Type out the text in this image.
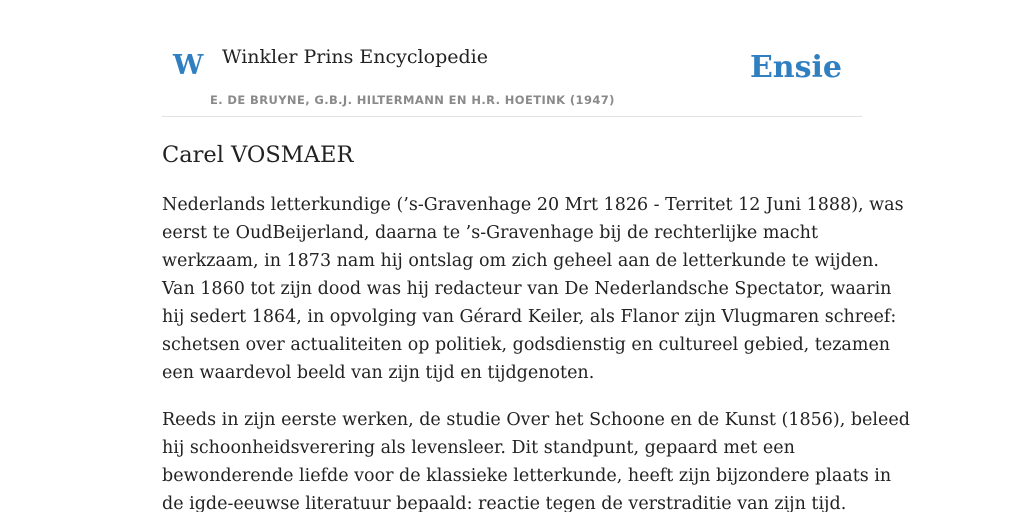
W Winkler Prins Encyclopedie
E. DE BRUYNE, G.B.J. HILTERMANN EN H.R. HOETINK (1947)
Ensie
Carel VOSMAER

Nederlands letterkundige (’s-Gravenhage 20 Mrt 1826 - Territet 12 Juni 1888), was
eerst te OudBeijerland, daarna te ’s-Gravenhage bij de rechterlijke macht
werkzaam, in 1873 nam hij ontslag om zich geheel aan de letterkunde te wijden.
Van 1860 tot zijn dood was hij redacteur van De Nederlandsche Spectator, waarin
hij sedert 1864, in opvolging van Gérard Keiler, als Flanor zijn Vlugmaren schreef:
schetsen over actualiteiten op politiek, godsdienstig en cultureel gebied, tezamen
een waardevol beeld van zijn tijd en tijdgenoten.

Reeds in zijn eerste werken, de studie Over het Schoone en de Kunst (1856), beleed
hij schoonheidsverering als levensleer. Dit standpunt, gepaard met een
bewonderende liefde voor de klassieke letterkunde, heeft zijn bijzondere plaats in
de igde-eeuwse literatuur bepaald: reactie tegen de verstraditie van zijn tijd.
